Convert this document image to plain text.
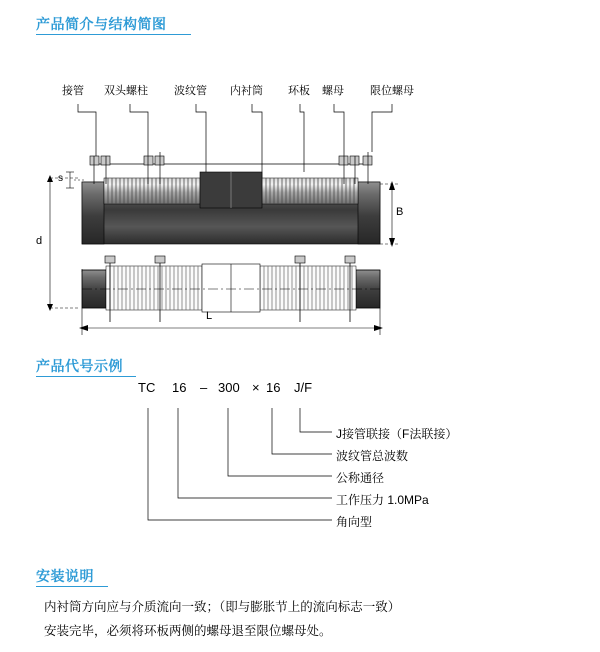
产品简介与结构简图
产品代号示例
安装说明
接管 双头螺柱 波纹管 内衬筒 环板 螺母 限位螺母
s
d
B
L
TC 16 – 300 × 16 J/F
J接管联接（F法联接）
波纹管总波数
公称通径
工作压力 1.0MPa
角向型

内衬筒方向应与介质流向一致；（即与膨胀节上的流向标志一致）

安装完毕，必须将环板两侧的螺母退至限位螺母处。
